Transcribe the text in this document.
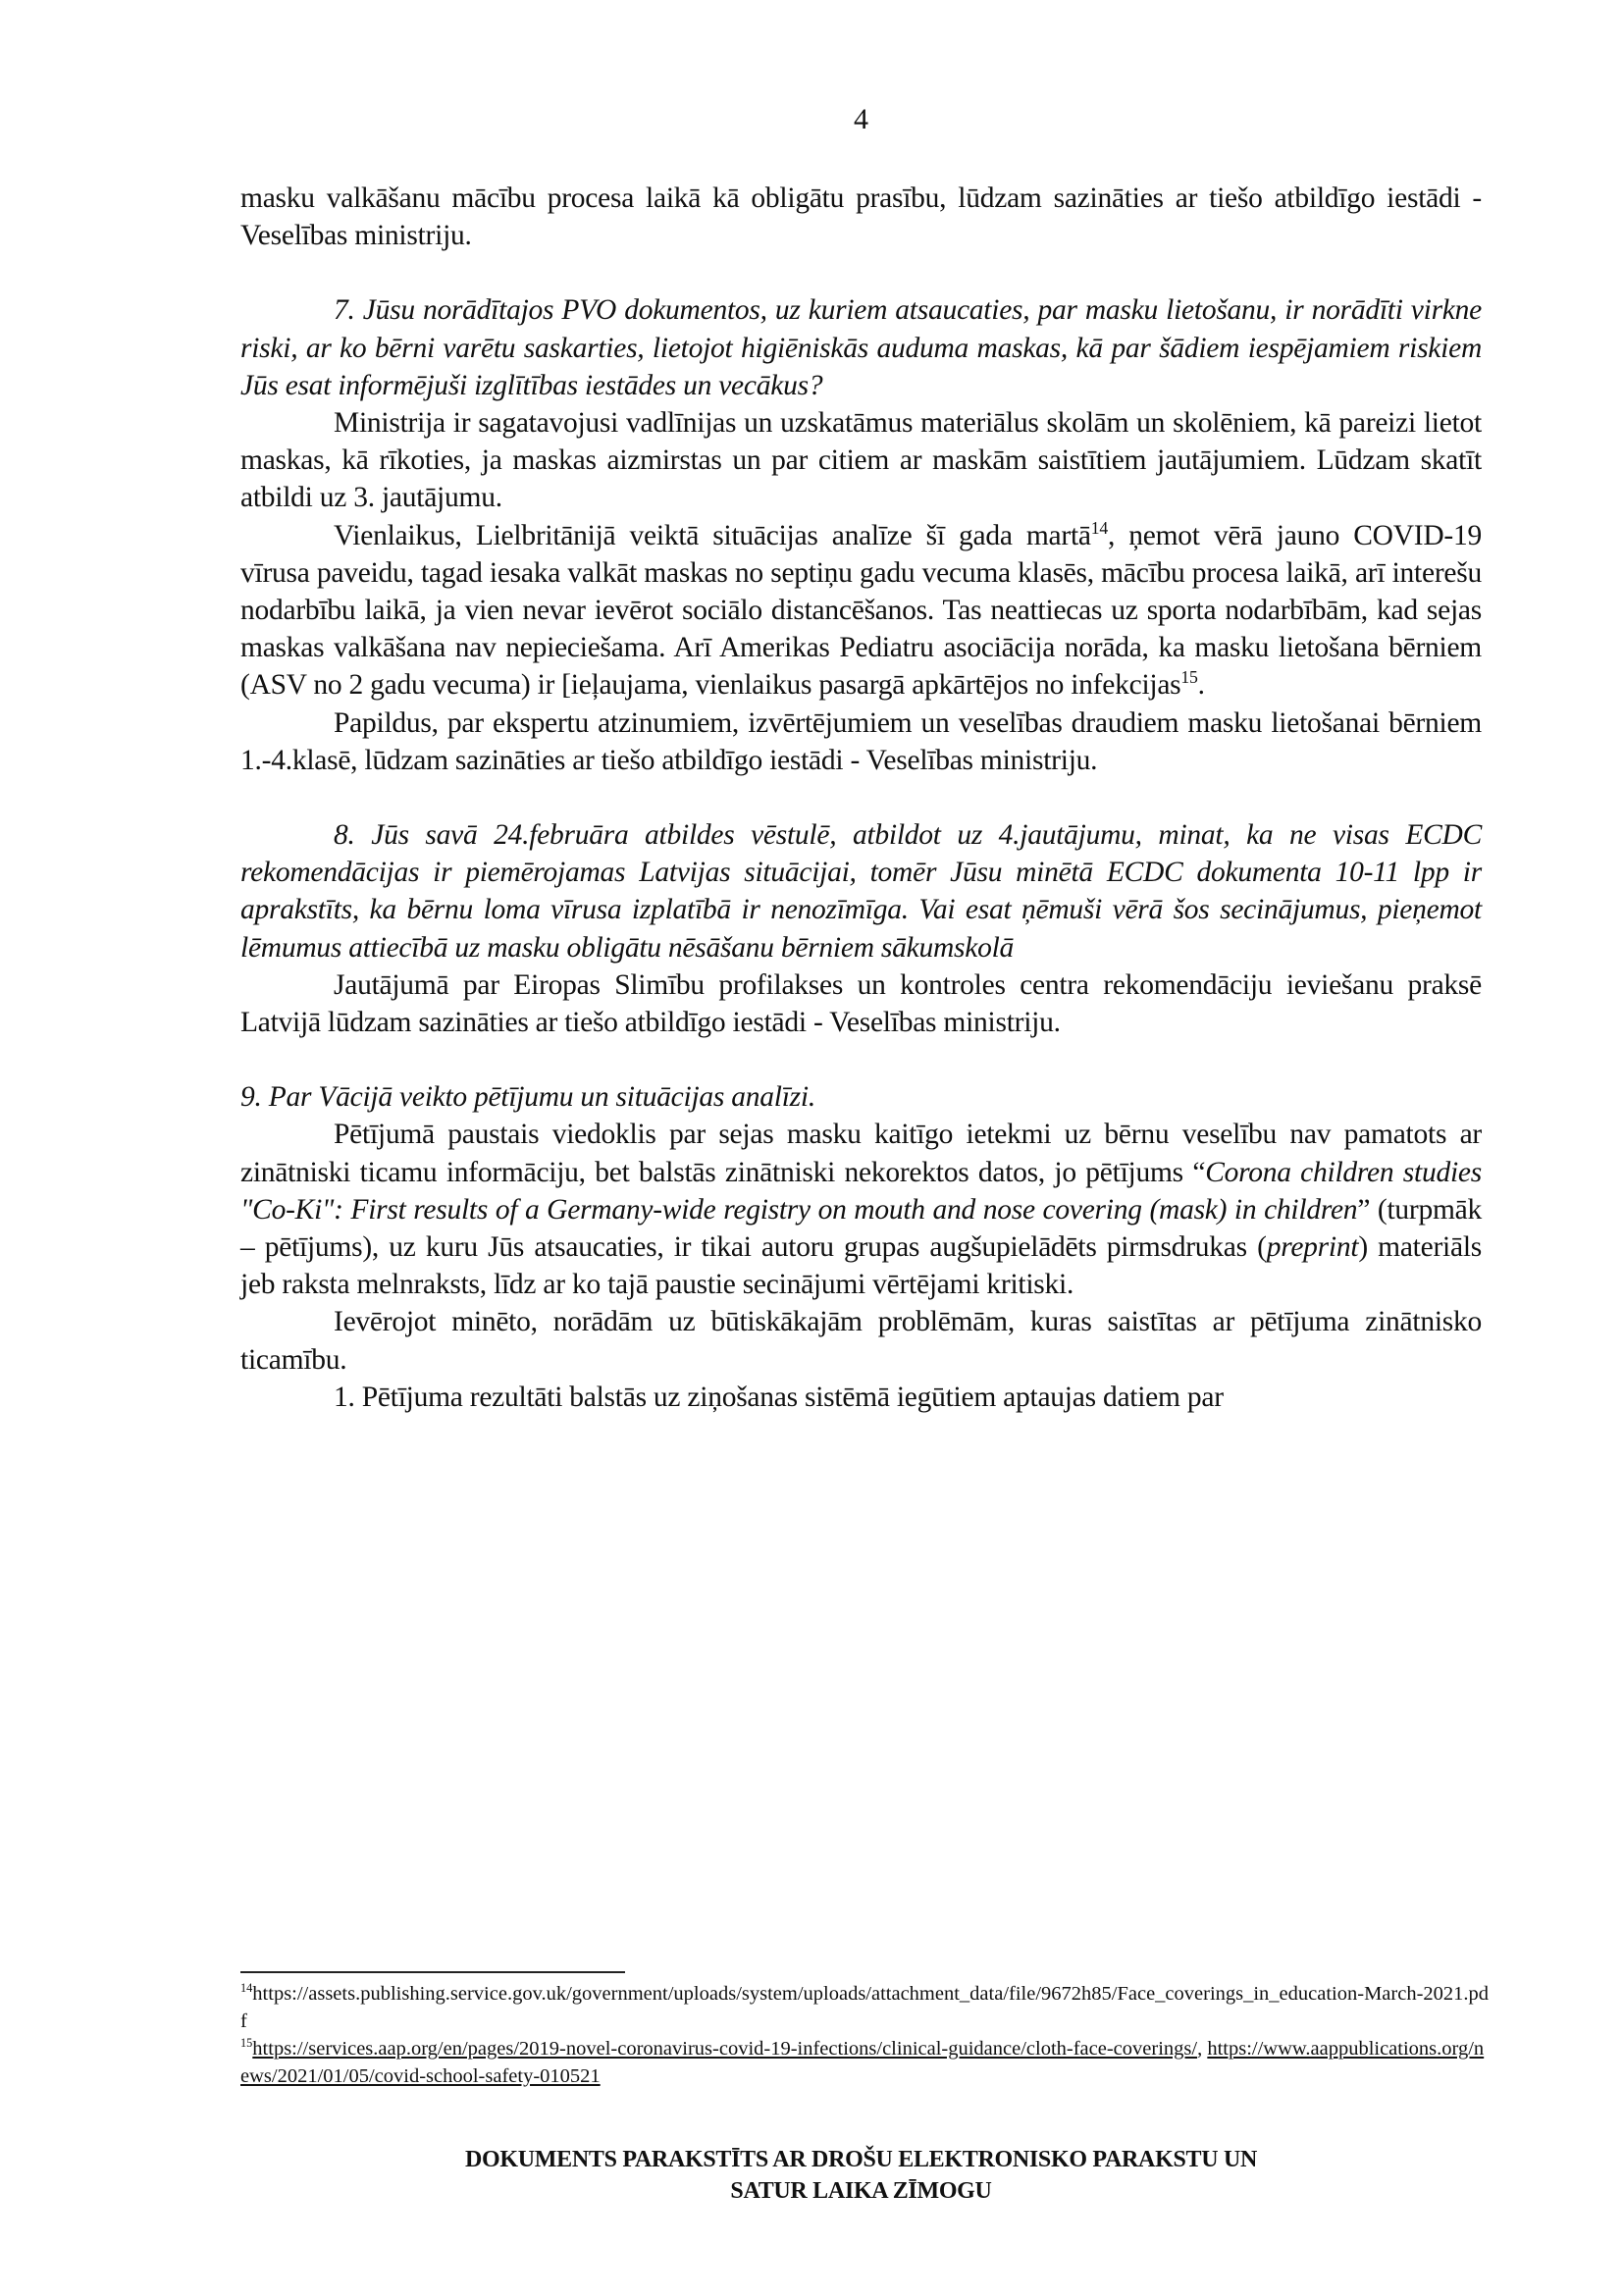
4

masku valkāšanu mācību procesa laikā kā obligātu prasību, lūdzam sazināties ar tiešo atbildīgo iestādi - Veselības ministriju.

7. Jūsu norādītajos PVO dokumentos, uz kuriem atsaucaties, par masku lietošanu, ir norādīti virkne riski, ar ko bērni varētu saskarties, lietojot higiēniskās auduma maskas, kā par šādiem iespējamiem riskiem Jūs esat informējuši izglītības iestādes un vecākus?

Ministrija ir sagatavojusi vadlīnijas un uzskatāmus materiālus skolām un skolēniem, kā pareizi lietot maskas, kā rīkoties, ja maskas aizmirstas un par citiem ar maskām saistītiem jautājumiem. Lūdzam skatīt atbildi uz 3. jautājumu.

Vienlaikus, Lielbritānijā veiktā situācijas analīze šī gada martā$^{14}$, ņemot vērā jauno COVID-19 vīrusa paveidu, tagad iesaka valkāt maskas no septiņu gadu vecuma klasēs, mācību procesa laikā, arī interešu nodarbību laikā, ja vien nevar ievērot sociālo distancēšanos. Tas neattiecas uz sporta nodarbībām, kad sejas maskas valkāšana nav nepieciešama. Arī Amerikas Pediatru asociācija norāda, ka masku lietošana bērniem (ASV no 2 gadu vecuma) ir [ieļaujama, vienlaikus pasargā apkārtējos no infekcijas$^{15}$.

Papildus, par ekspertu atzinumiem, izvērtējumiem un veselības draudiem masku lietošanai bērniem 1.-4.klasē, lūdzam sazināties ar tiešo atbildīgo iestādi - Veselības ministriju.

8. Jūs savā 24.februāra atbildes vēstulē, atbildot uz 4.jautājumu, minat, ka ne visas ECDC rekomendācijas ir piemērojamas Latvijas situācijai, tomēr Jūsu minētā ECDC dokumenta 10-11 lpp ir aprakstīts, ka bērnu loma vīrusa izplatībā ir nenozīmīga. Vai esat ņēmuši vērā šos secinājumus, pieņemot lēmumus attiecībā uz masku obligātu nēsāšanu bērniem sākumskolā

Jautājumā par Eiropas Slimību profilakses un kontroles centra rekomendāciju ieviešanu praksē Latvijā lūdzam sazināties ar tiešo atbildīgo iestādi - Veselības ministriju.

9. Par Vācijā veikto pētījumu un situācijas analīzi.

Pētījumā paustais viedoklis par sejas masku kaitīgo ietekmi uz bērnu veselību nav pamatots ar zinātniski ticamu informāciju, bet balstās zinātniski nekorektos datos, jo pētījums “Corona children studies "Co-Ki": First results of a Germany-wide registry on mouth and nose covering (mask) in children” (turpmāk – pētījums), uz kuru Jūs atsaucaties, ir tikai autoru grupas augšupielādēts pirmsdrukas (preprint) materiāls jeb raksta melnraksts, līdz ar ko tajā paustie secinājumi vērtējami kritiski.

Ievērojot minēto, norādām uz būtiskākajām problēmām, kuras saistītas ar pētījuma zinātnisko ticamību.

1. Pētījuma rezultāti balstās uz ziņošanas sistēmā iegūtiem aptaujas datiem par

$^{14}$https://assets.publishing.service.gov.uk/government/uploads/system/uploads/attachment_data/file/9672h85/Face_coverings_in_education-March-2021.pdf

$^{15}$https://services.aap.org/en/pages/2019-novel-coronavirus-covid-19-infections/clinical-guidance/cloth-face-coverings/, https://www.aappublications.org/news/2021/01/05/covid-school-safety-010521

DOKUMENTS PARAKSTĪTS AR DROŠU ELEKTRONISKO PARAKSTU UN
SATUR LAIKA ZĪMOGU
